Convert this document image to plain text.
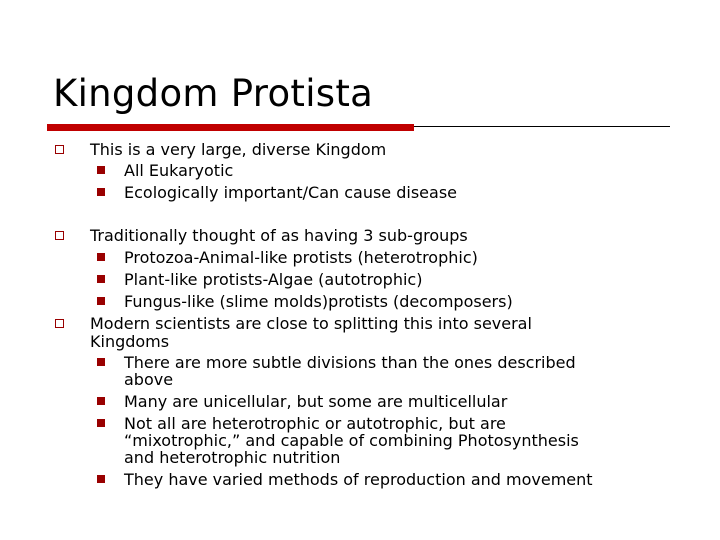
Kingdom Protista
This is a very large, diverse Kingdom
All Eukaryotic
Ecologically important/Can cause disease
Traditionally thought of as having 3 sub-groups
Protozoa-Animal-like protists (heterotrophic)
Plant-like protists-Algae (autotrophic)
Fungus-like (slime molds)protists (decomposers)
Modern scientists are close to splitting this into several
Kingdoms
There are more subtle divisions than the ones described
above
Many are unicellular, but some are multicellular
Not all are heterotrophic or autotrophic, but are
“mixotrophic,” and capable of combining Photosynthesis
and heterotrophic nutrition
They have varied methods of reproduction and movement
